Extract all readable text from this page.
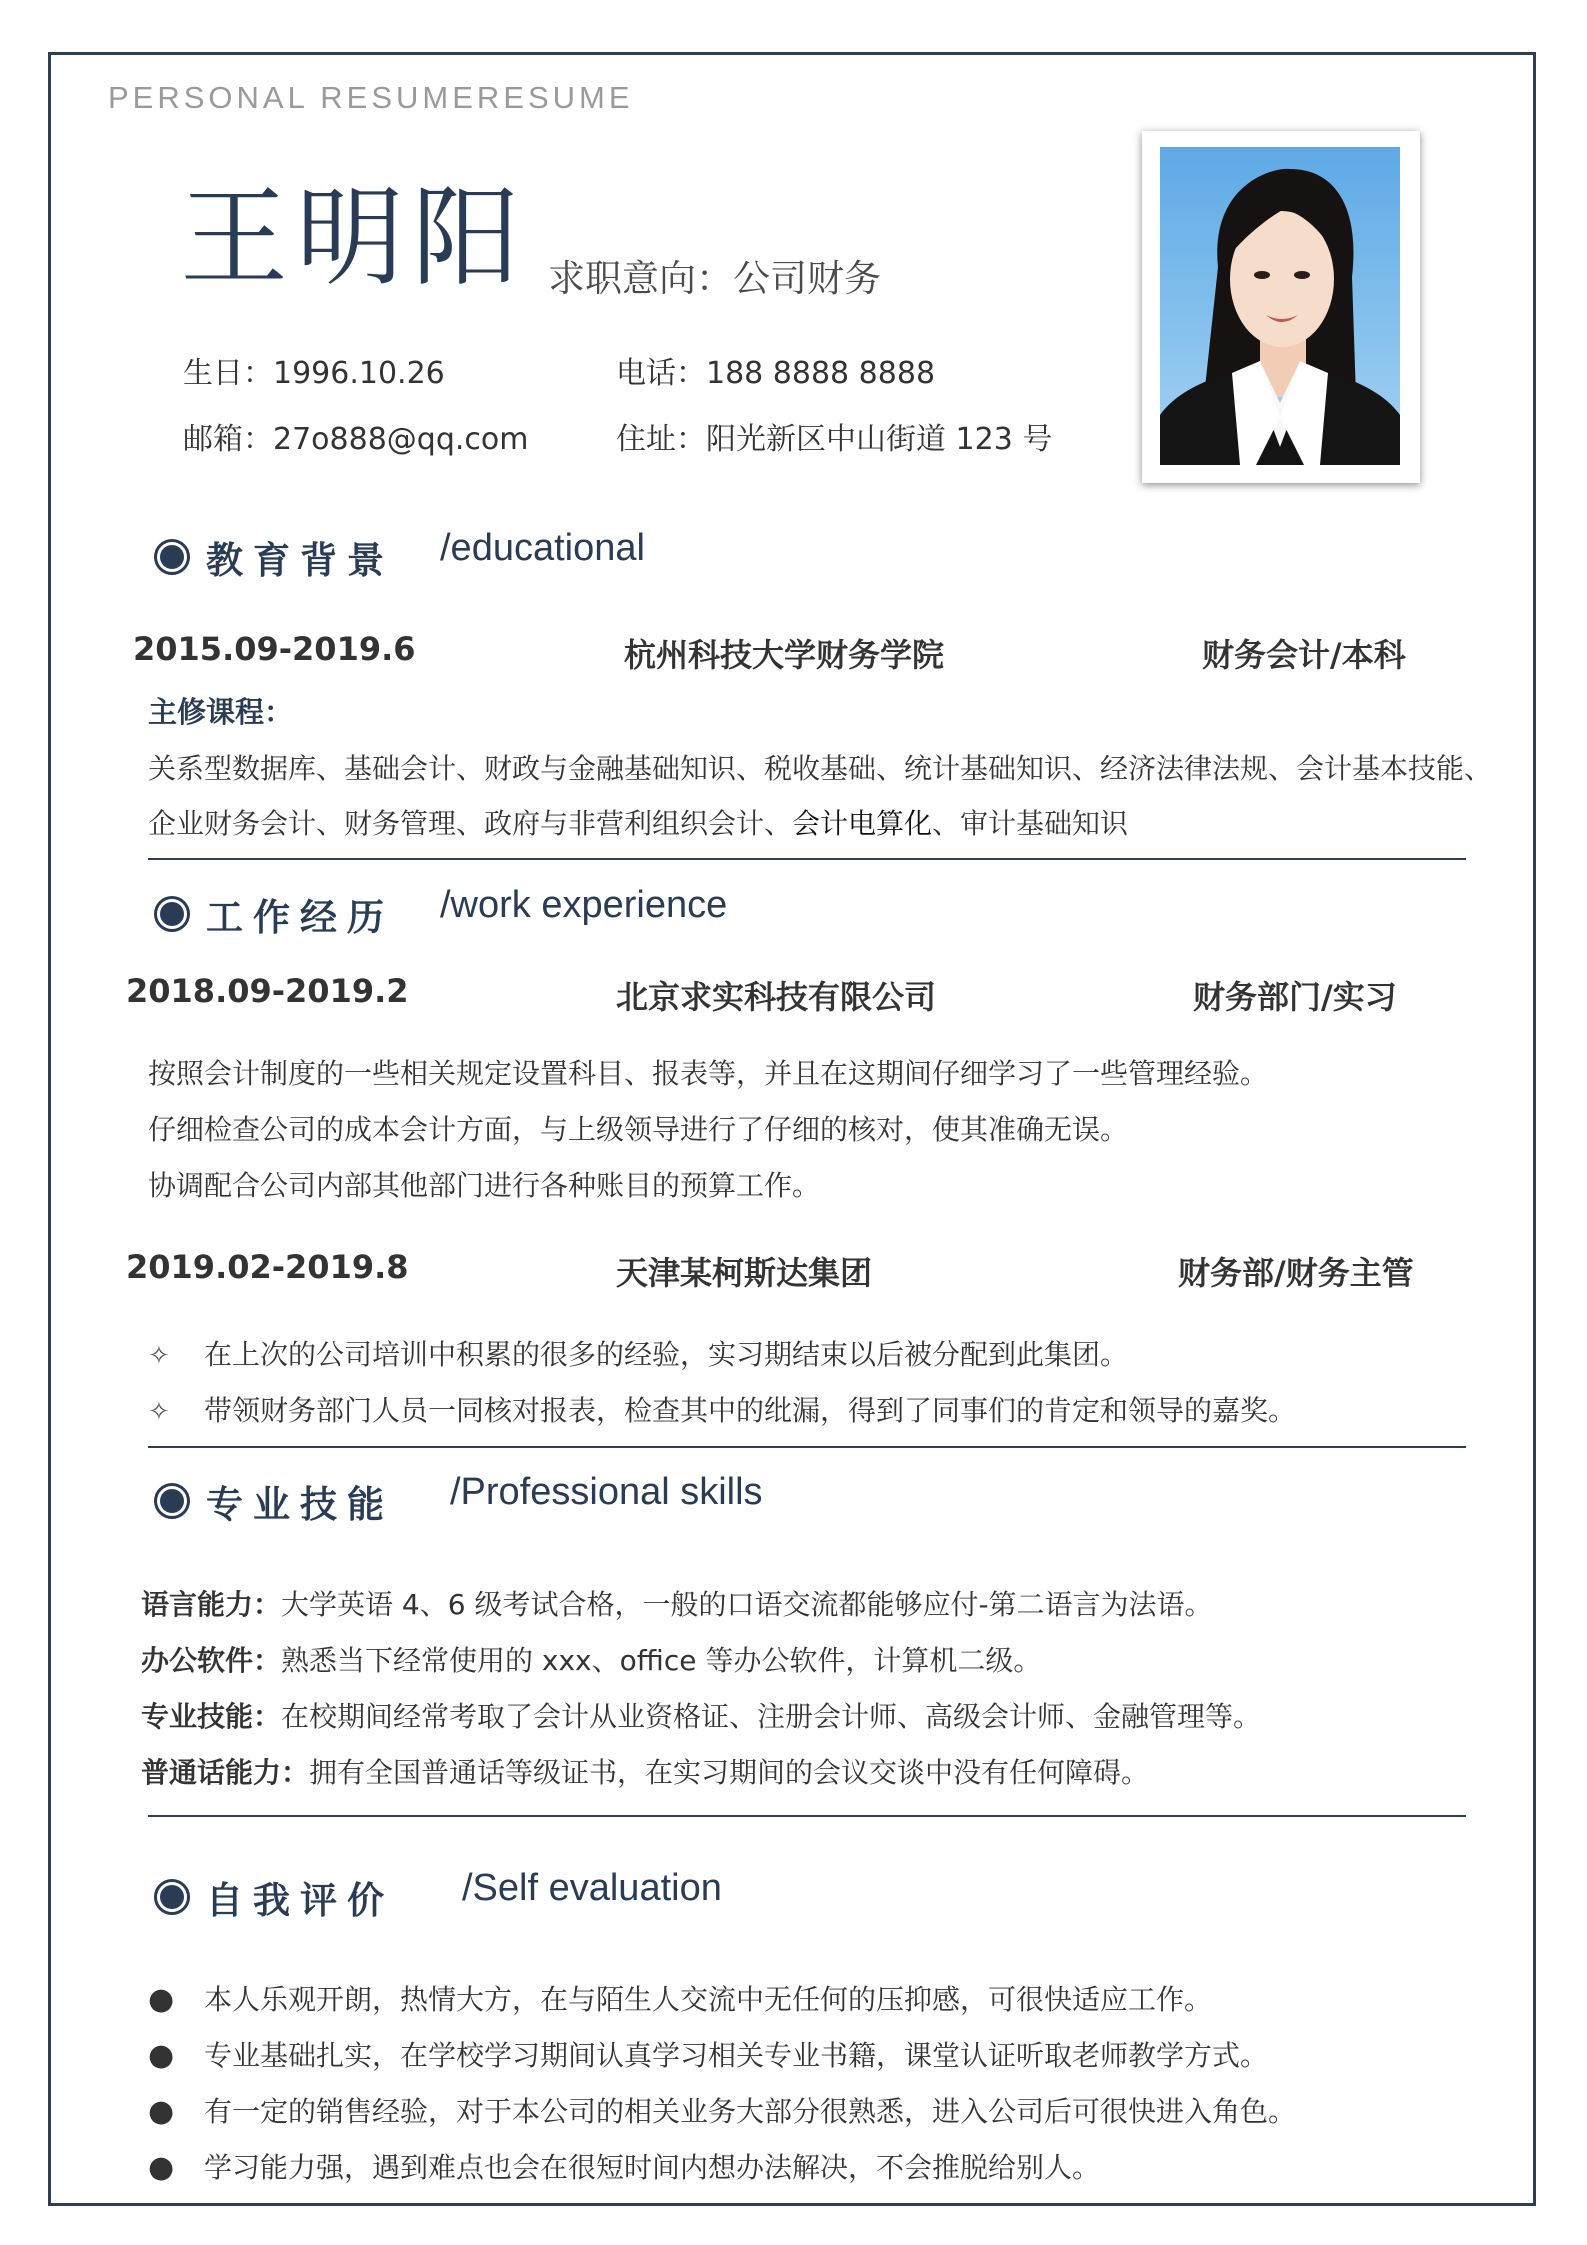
PERSONAL RESUMERESUME
王明阳 求职意向：公司财务
生日：1996.10.26	电话：188 8888 8888
邮箱：27o888@qq.com	住址：阳光新区中山街道 123 号
教育背景 /educational
2015.09-2019.6	杭州科技大学财务学院	财务会计/本科
主修课程：
关系型数据库、基础会计、财政与金融基础知识、税收基础、统计基础知识、经济法律法规、会计基本技能、
企业财务会计、财务管理、政府与非营利组织会计、会计电算化、审计基础知识
工作经历 /work experience
2018.09-2019.2	北京求实科技有限公司	财务部门/实习
按照会计制度的一些相关规定设置科目、报表等，并且在这期间仔细学习了一些管理经验。
仔细检查公司的成本会计方面，与上级领导进行了仔细的核对，使其准确无误。
协调配合公司内部其他部门进行各种账目的预算工作。
2019.02-2019.8	天津某柯斯达集团	财务部/财务主管
✧ 在上次的公司培训中积累的很多的经验，实习期结束以后被分配到此集团。
✧ 带领财务部门人员一同核对报表，检查其中的纰漏，得到了同事们的肯定和领导的嘉奖。
专业技能 /Professional skills
语言能力：大学英语 4、6 级考试合格，一般的口语交流都能够应付-第二语言为法语。
办公软件：熟悉当下经常使用的 xxx、office 等办公软件，计算机二级。
专业技能：在校期间经常考取了会计从业资格证、注册会计师、高级会计师、金融管理等。
普通话能力：拥有全国普通话等级证书，在实习期间的会议交谈中没有任何障碍。
自我评价 /Self evaluation
● 本人乐观开朗，热情大方，在与陌生人交流中无任何的压抑感，可很快适应工作。
● 专业基础扎实，在学校学习期间认真学习相关专业书籍，课堂认证听取老师教学方式。
● 有一定的销售经验，对于本公司的相关业务大部分很熟悉，进入公司后可很快进入角色。
● 学习能力强，遇到难点也会在很短时间内想办法解决，不会推脱给别人。
